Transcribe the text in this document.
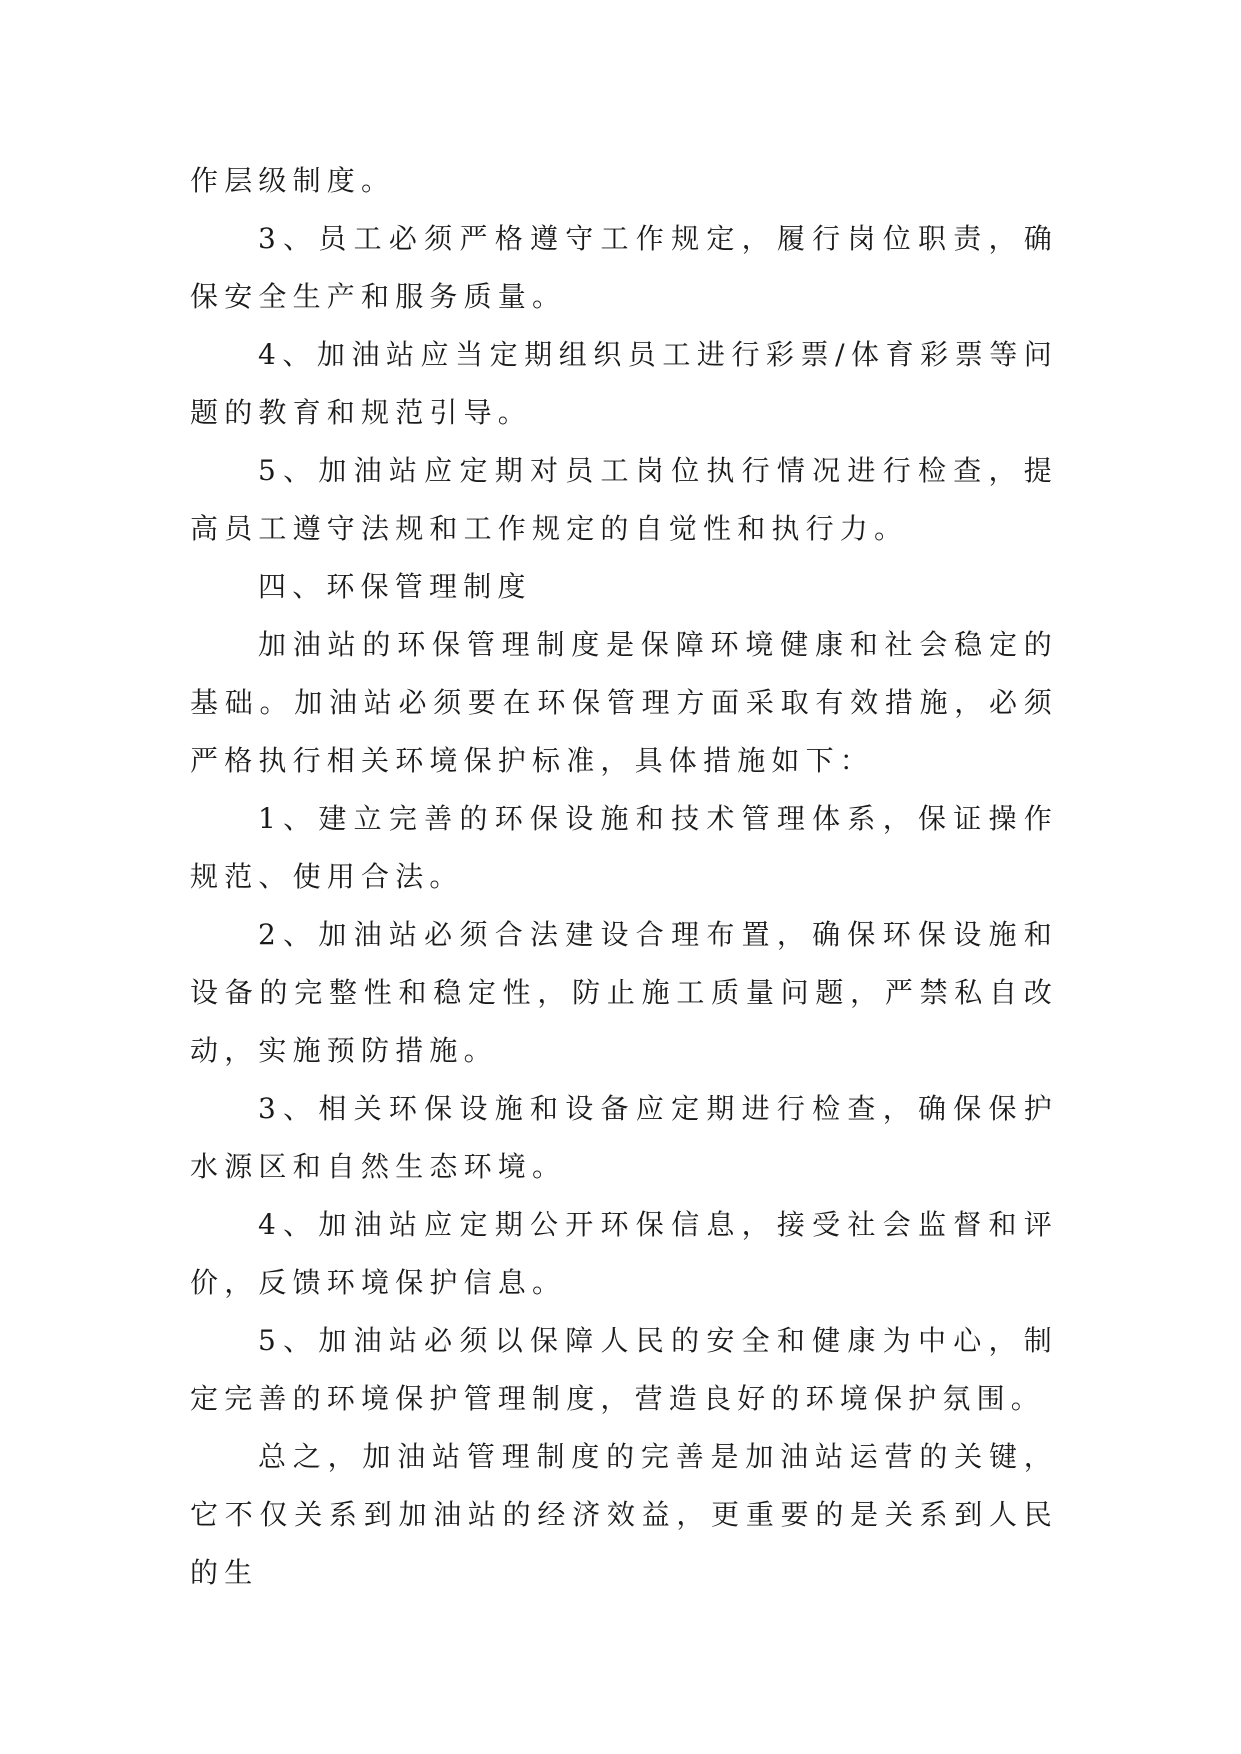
作层级制度。

3、员工必须严格遵守工作规定，履行岗位职责，确保安全生产和服务质量。

4、加油站应当定期组织员工进行彩票/体育彩票等问题的教育和规范引导。

5、加油站应定期对员工岗位执行情况进行检查，提高员工遵守法规和工作规定的自觉性和执行力。

四、环保管理制度

加油站的环保管理制度是保障环境健康和社会稳定的基础。加油站必须要在环保管理方面采取有效措施，必须严格执行相关环境保护标准，具体措施如下：

1、建立完善的环保设施和技术管理体系，保证操作规范、使用合法。

2、加油站必须合法建设合理布置，确保环保设施和设备的完整性和稳定性，防止施工质量问题，严禁私自改动，实施预防措施。

3、相关环保设施和设备应定期进行检查，确保保护水源区和自然生态环境。

4、加油站应定期公开环保信息，接受社会监督和评价，反馈环境保护信息。

5、加油站必须以保障人民的安全和健康为中心，制定完善的环境保护管理制度，营造良好的环境保护氛围。

总之，加油站管理制度的完善是加油站运营的关键，它不仅关系到加油站的经济效益，更重要的是关系到人民的生
